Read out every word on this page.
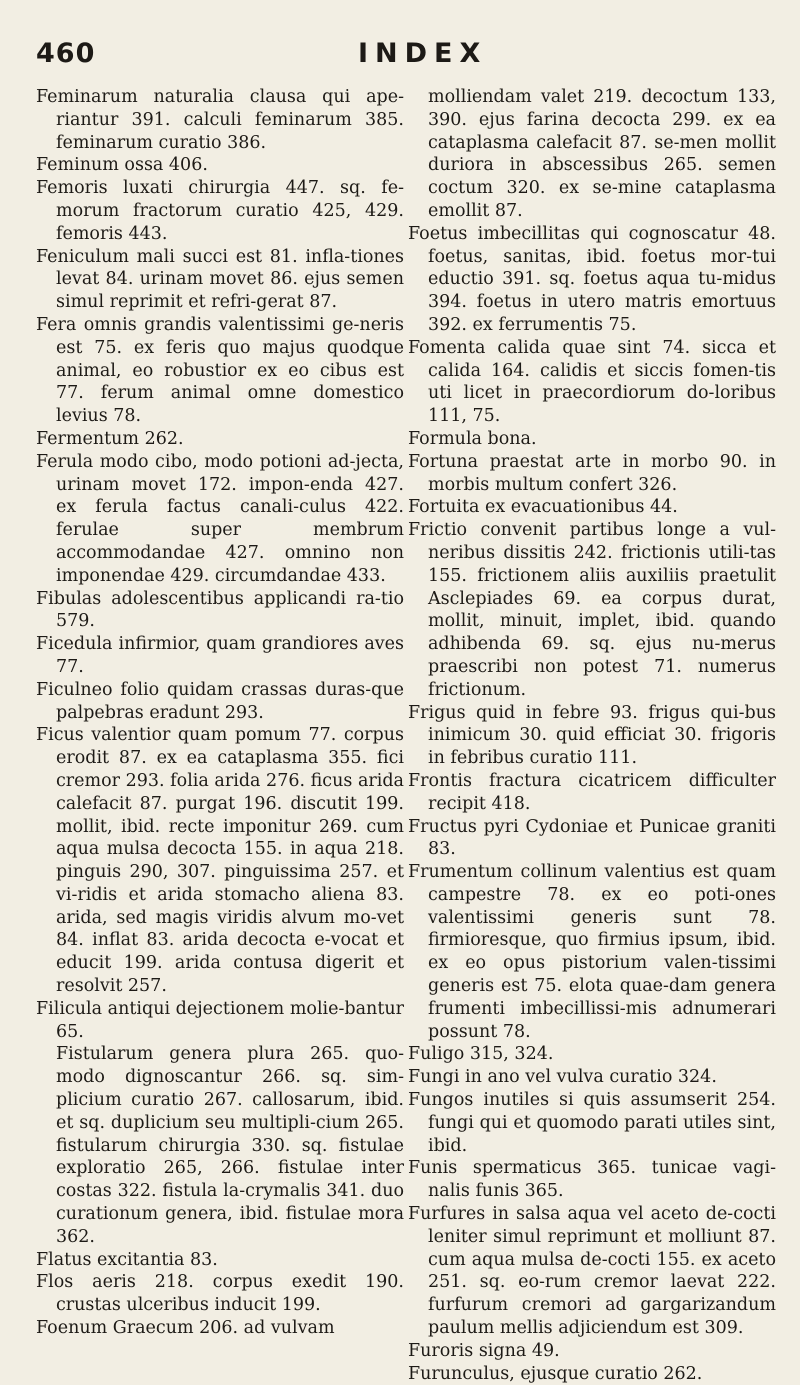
460	INDEX

Feminarum naturalia clausa qui ape-riantur 391. calculi feminarum 385. feminarum curatio 386.

Feminum ossa 406.

Femoris luxati chirurgia 447. sq. fe-morum fractorum curatio 425, 429. femoris 443.

Feniculum mali succi est 81. infla-tiones levat 84. urinam movet 86. ejus semen simul reprimit et refri-gerat 87.

Fera omnis grandis valentissimi ge-neris est 75. ex feris quo majus quodque animal, eo robustior ex eo cibus est 77. ferum animal omne domestico levius 78.

Fermentum 262.

Ferula modo cibo, modo potioni ad-jecta, urinam movet 172. impon-enda 427. ex ferula factus canali-culus 422. ferulae super membrum accommodandae 427. omnino non imponendae 429. circumdandae 433.

Fibulas adolescentibus applicandi ra-tio 579.

Ficedula infirmior, quam grandiores aves 77.

Ficulneo folio quidam crassas duras-que palpebras eradunt 293.

Ficus valentior quam pomum 77. corpus erodit 87. ex ea cataplasma 355. fici cremor 293. folia arida 276. ficus arida calefacit 87. purgat 196. discutit 199. mollit, ibid. recte imponitur 269. cum aqua mulsa decocta 155. in aqua 218. pinguis 290, 307. pinguissima 257. et vi-ridis et arida stomacho aliena 83. arida, sed magis viridis alvum mo-vet 84. inflat 83. arida decocta e-vocat et educit 199. arida contusa digerit et resolvit 257.

Filicula antiqui dejectionem molie-bantur 65.

Fistularum genera plura 265. quo-modo dignoscantur 266. sq. sim-plicium curatio 267. callosarum, ibid. et sq. duplicium seu multipli-cium 265. fistularum chirurgia 330. sq. fistulae exploratio 265, 266. fistulae inter costas 322. fistula la-crymalis 341. duo curationum genera, ibid. fistulae mora 362.

Flatus excitantia 83.

Flos aeris 218. corpus exedit 190. crustas ulceribus inducit 199.

Foenum Graecum 206. ad vulvam

molliendam valet 219. decoctum 133, 390. ejus farina decocta 299. ex ea cataplasma calefacit 87. se-men mollit duriora in abscessibus 265. semen coctum 320. ex se-mine cataplasma emollit 87.

Foetus imbecillitas qui cognoscatur 48. foetus, sanitas, ibid. foetus mor-tui eductio 391. sq. foetus aqua tu-midus 394. foetus in utero matris emortuus 392. ex ferrumentis 75.

Fomenta calida quae sint 74. sicca et calida 164. calidis et siccis fomen-tis uti licet in praecordiorum do-loribus 111, 75.

Formula bona.

Fortuna praestat arte in morbo 90. in morbis multum confert 326.

Fortuita ex evacuationibus 44.

Frictio convenit partibus longe a vul-neribus dissitis 242. frictionis utili-tas 155. frictionem aliis auxiliis praetulit Asclepiades 69. ea corpus durat, mollit, minuit, implet, ibid. quando adhibenda 69. sq. ejus nu-merus praescribi non potest 71. numerus frictionum.

Frigus quid in febre 93. frigus qui-bus inimicum 30. quid efficiat 30. frigoris in febribus curatio 111.

Frontis fractura cicatricem difficulter recipit 418.

Fructus pyri Cydoniae et Punicae graniti 83.

Frumentum collinum valentius est quam campestre 78. ex eo poti-ones valentissimi generis sunt 78. firmioresque, quo firmius ipsum, ibid. ex eo opus pistorium valen-tissimi generis est 75. elota quae-dam genera frumenti imbecillissi-mis adnumerari possunt 78.

Fuligo 315, 324.

Fungi in ano vel vulva curatio 324.

Fungos inutiles si quis assumserit 254. fungi qui et quomodo parati utiles sint, ibid.

Funis spermaticus 365. tunicae vagi-nalis funis 365.

Furfures in salsa aqua vel aceto de-cocti leniter simul reprimunt et molliunt 87. cum aqua mulsa de-cocti 155. ex aceto 251. sq. eo-rum cremor laevat 222. furfurum cremori ad gargarizandum paulum mellis adjiciendum est 309.

Furoris signa 49.

Furunculus, ejusque curatio 262.
